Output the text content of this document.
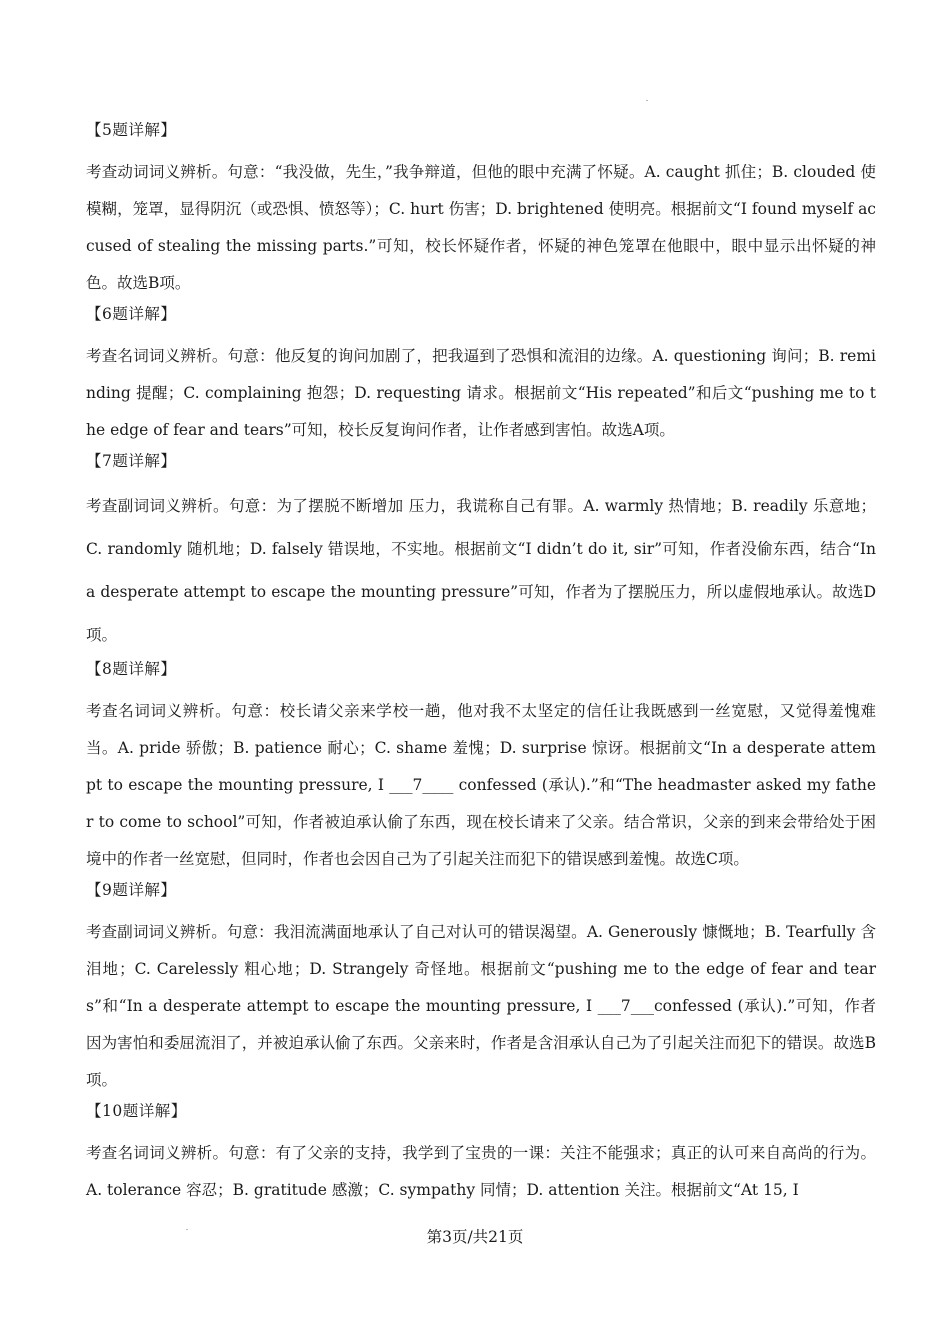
【5题详解】

考查动词词义辨析。句意：“我没做，先生，”我争辩道，但他的眼中充满了怀疑。A. caught 抓住；B. clouded 使模糊，笼罩，显得阴沉（或恐惧、愤怒等）；C. hurt 伤害；D. brightened 使明亮。根据前文“I found myself accused of stealing the missing parts.”可知，校长怀疑作者，怀疑的神色笼罩在他眼中，眼中显示出怀疑的神色。故选B项。

【6题详解】

考查名词词义辨析。句意：他反复的询问加剧了，把我逼到了恐惧和流泪的边缘。A. questioning 询问；B. reminding 提醒；C. complaining 抱怨；D. requesting 请求。根据前文“His repeated”和后文“pushing me to the edge of fear and tears”可知，校长反复询问作者，让作者感到害怕。故选A项。

【7题详解】

考查副词词义辨析。句意：为了摆脱不断增加 压力，我谎称自己有罪。A. warmly 热情地；B. readily 乐意地；C. randomly 随机地；D. falsely 错误地，不实地。根据前文“I didn’t do it, sir”可知，作者没偷东西，结合“In a desperate attempt to escape the mounting pressure”可知，作者为了摆脱压力，所以虚假地承认。故选D项。

【8题详解】

考查名词词义辨析。句意：校长请父亲来学校一趟，他对我不太坚定的信任让我既感到一丝宽慰，又觉得羞愧难当。A. pride 骄傲；B. patience 耐心；C. shame 羞愧；D. surprise 惊讶。根据前文“In a desperate attempt to escape the mounting pressure, I ___7____ confessed (承认).”和“The headmaster asked my father to come to school”可知，作者被迫承认偷了东西，现在校长请来了父亲。结合常识，父亲的到来会带给处于困境中的作者一丝宽慰，但同时，作者也会因自己为了引起关注而犯下的错误感到羞愧。故选C项。

【9题详解】

考查副词词义辨析。句意：我泪流满面地承认了自己对认可的错误渴望。A. Generously 慷慨地；B. Tearfully 含泪地；C. Carelessly 粗心地；D. Strangely 奇怪地。根据前文“pushing me to the edge of fear and tears”和“In a desperate attempt to escape the mounting pressure, I ___7___confessed (承认).”可知，作者因为害怕和委屈流泪了，并被迫承认偷了东西。父亲来时，作者是含泪承认自己为了引起关注而犯下的错误。故选B项。

【10题详解】

考查名词词义辨析。句意：有了父亲的支持，我学到了宝贵的一课：关注不能强求；真正的认可来自高尚的行为。A. tolerance 容忍；B. gratitude 感激；C. sympathy 同情；D. attention 关注。根据前文“At 15, I

第3页/共21页
